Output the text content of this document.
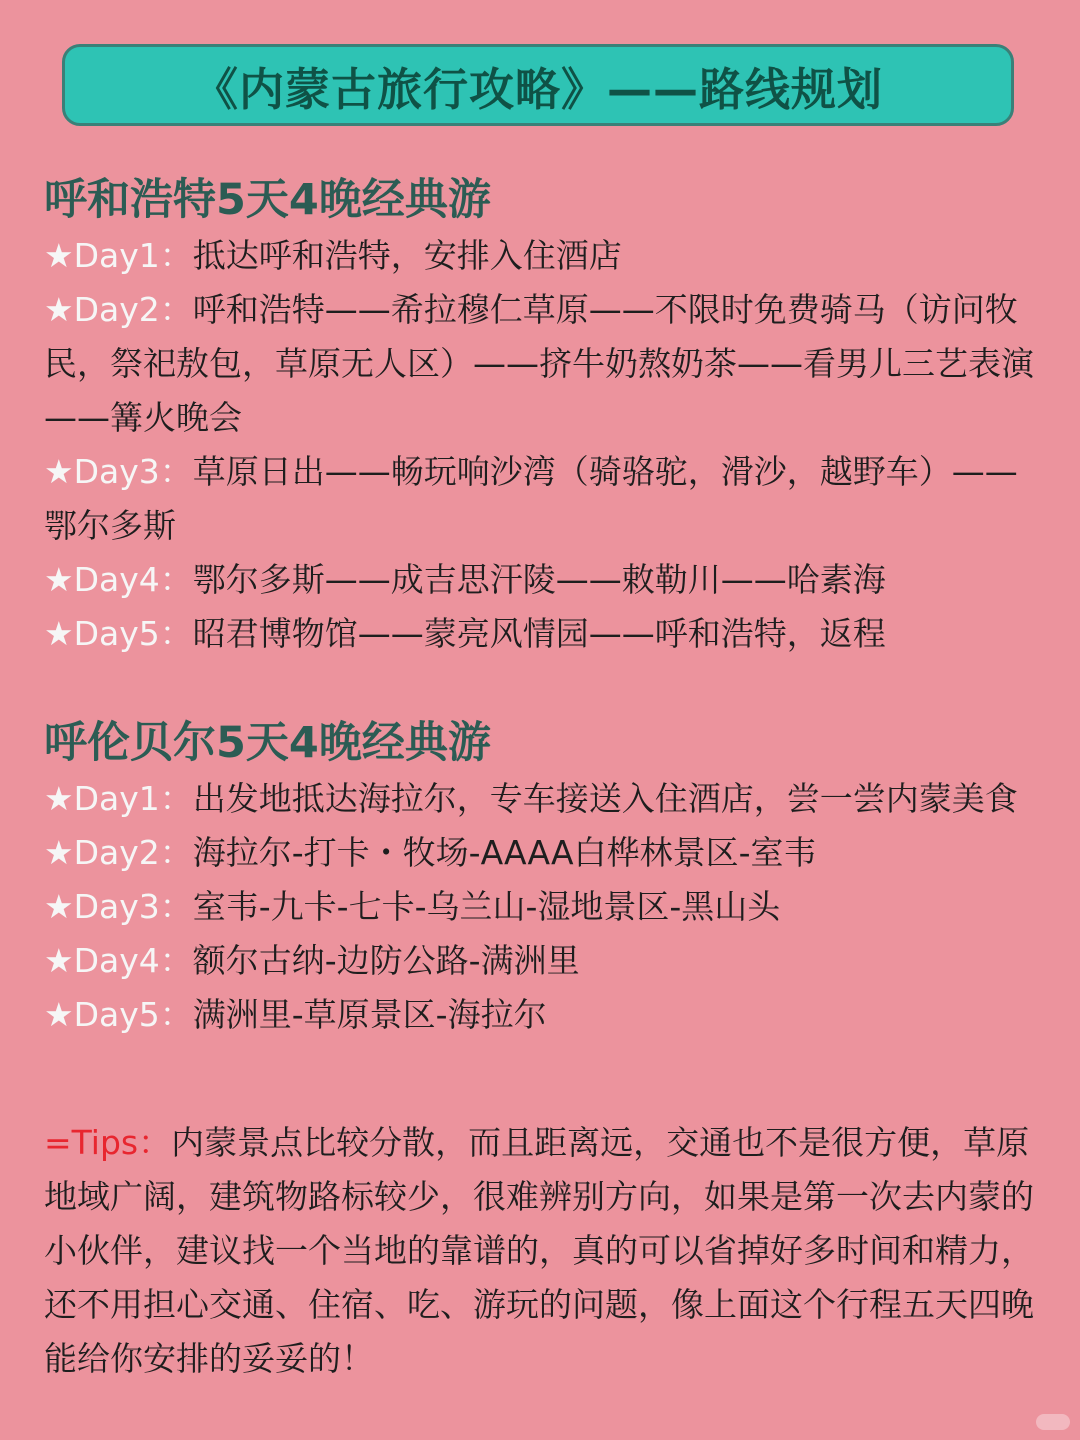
《内蒙古旅行攻略》——路线规划
呼和浩特5天4晚经典游
★Day1：抵达呼和浩特，安排入住酒店
★Day2：呼和浩特——希拉穆仁草原——不限时免费骑马（访问牧民，祭祀敖包，草原无人区）——挤牛奶熬奶茶——看男儿三艺表演——篝火晚会
★Day3：草原日出——畅玩响沙湾（骑骆驼，滑沙，越野车）——鄂尔多斯
★Day4：鄂尔多斯——成吉思汗陵——敕勒川——哈素海
★Day5：昭君博物馆——蒙亮风情园——呼和浩特，返程
呼伦贝尔5天4晚经典游
★Day1：出发地抵达海拉尔，专车接送入住酒店，尝一尝内蒙美食
★Day2：海拉尔-打卡・牧场-AAAA白桦林景区-室韦
★Day3：室韦-九卡-七卡-乌兰山-湿地景区-黑山头
★Day4：额尔古纳-边防公路-满洲里
★Day5：满洲里-草原景区-海拉尔

=Tips：内蒙景点比较分散，而且距离远，交通也不是很方便，草原地域广阔，建筑物路标较少，很难辨别方向，如果是第一次去内蒙的小伙伴，建议找一个当地的靠谱的，真的可以省掉好多时间和精力，还不用担心交通、住宿、吃、游玩的问题，像上面这个行程五天四晚能给你安排的妥妥的！
